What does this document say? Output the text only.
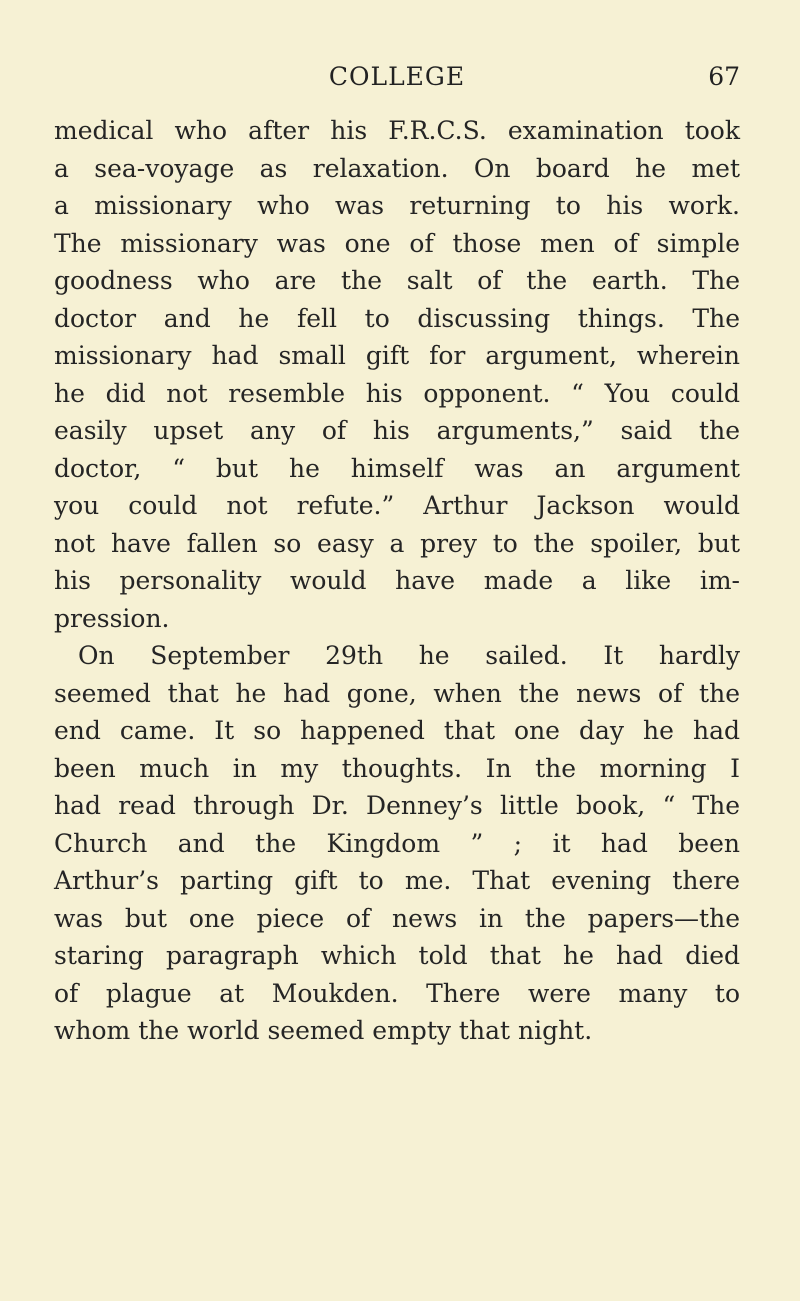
COLLEGE	67
medical who after his F.R.C.S. examination took
a sea-voyage as relaxation. On board he met
a missionary who was returning to his work.
The missionary was one of those men of simple
goodness who are the salt of the earth. The
doctor and he fell to discussing things. The
missionary had small gift for argument, wherein
he did not resemble his opponent. “ You could
easily upset any of his arguments,” said the
doctor, “ but he himself was an argument
you could not refute.” Arthur Jackson would
not have fallen so easy a prey to the spoiler, but
his personality would have made a like im-
pression.
On September 29th he sailed. It hardly
seemed that he had gone, when the news of the
end came. It so happened that one day he had
been much in my thoughts. In the morning I
had read through Dr. Denney’s little book, “ The
Church and the Kingdom ” ; it had been
Arthur’s parting gift to me. That evening there
was but one piece of news in the papers—the
staring paragraph which told that he had died
of plague at Moukden. There were many to
whom the world seemed empty that night.
